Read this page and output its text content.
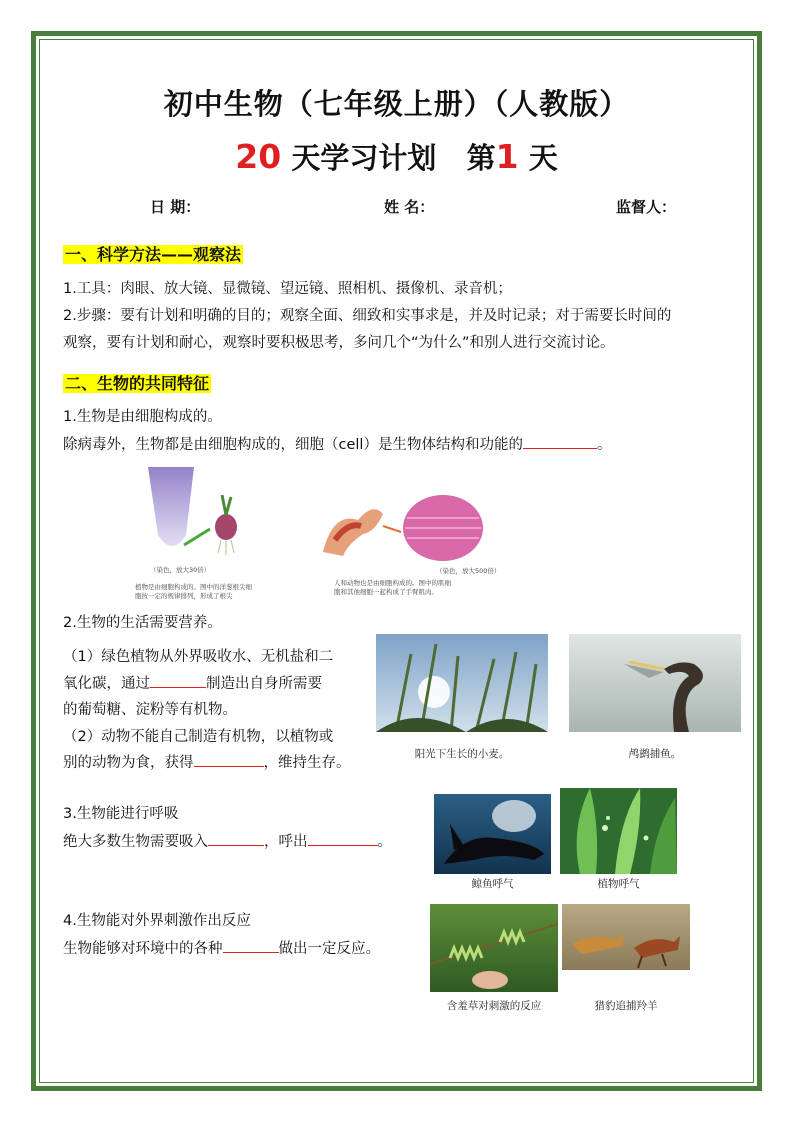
初中生物（七年级上册）（人教版）
20 天学习计划   第1 天
日 期：	姓 名：	监督人：
一、科学方法——观察法
1.工具：肉眼、放大镜、显微镜、望远镜、照相机、摄像机、录音机；
2.步骤：要有计划和明确的目的；观察全面、细致和实事求是，并及时记录；对于需要长时间的
观察，要有计划和耐心，观察时要积极思考，多问几个“为什么”和别人进行交流讨论。
二、生物的共同特征
1.生物是由细胞构成的。
除病毒外，生物都是由细胞构成的，细胞（cell）是生物体结构和功能的	。
（染色，放大30倍）
植物是由细胞构成的。图中的洋葱根尖细胞按一定的规律排列，形成了根尖
（染色，放大500倍）
人和动物也是由细胞构成的。图中的肌细胞和其他细胞一起构成了手臂肌肉。
2.生物的生活需要营养。
（1）绿色植物从外界吸收水、无机盐和二
氧化碳，通过	制造出自身所需要
的葡萄糖、淀粉等有机物。
（2）动物不能自己制造有机物，以植物或
别的动物为食，获得	，维持生存。
阳光下生长的小麦。	鸬鹚捕鱼。
3.生物能进行呼吸
绝大多数生物需要吸入	，呼出	。
鲸鱼呼气	植物呼气
4.生物能对外界刺激作出反应
生物能够对环境中的各种	做出一定反应。
含羞草对刺激的反应	猎豹追捕羚羊
